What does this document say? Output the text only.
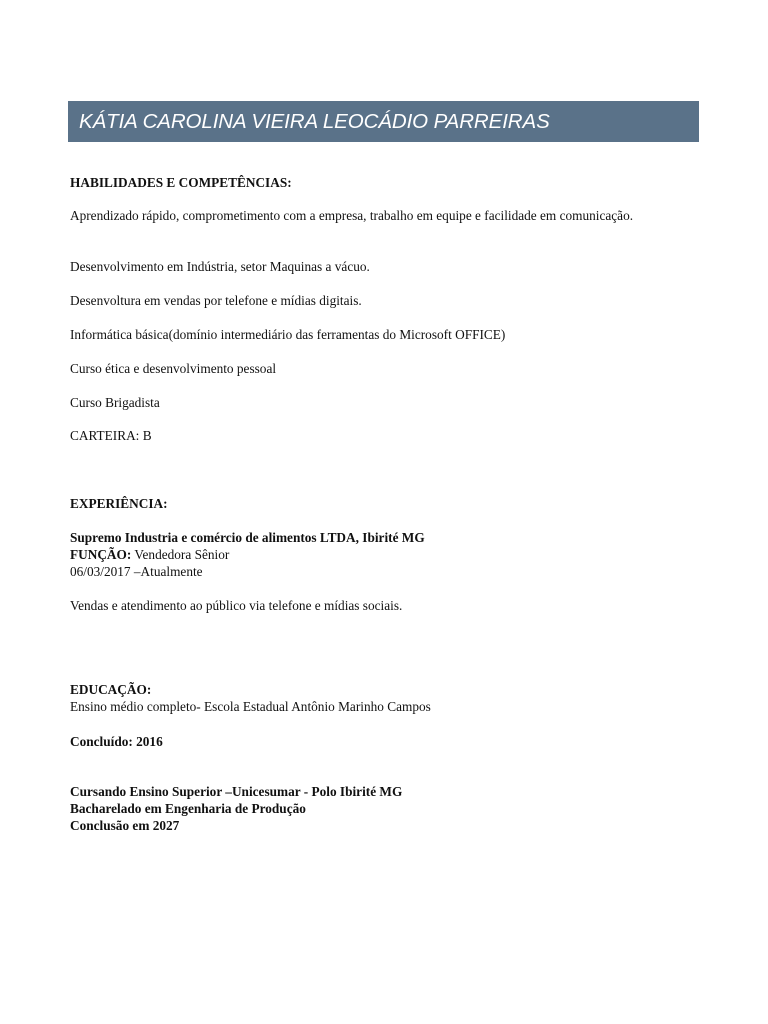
KÁTIA CAROLINA VIEIRA LEOCÁDIO PARREIRAS
HABILIDADES E COMPETÊNCIAS:
Aprendizado rápido, comprometimento com a empresa, trabalho em equipe e facilidade em comunicação.
Desenvolvimento em Indústria, setor Maquinas a vácuo.
Desenvoltura em vendas por telefone e mídias digitais.
Informática básica(domínio intermediário das ferramentas do Microsoft OFFICE)
Curso ética e desenvolvimento pessoal
Curso Brigadista
CARTEIRA: B
EXPERIÊNCIA:
Supremo Industria e comércio de alimentos LTDA, Ibirité MG
FUNÇÃO: Vendedora Sênior
06/03/2017 –Atualmente
Vendas e atendimento ao público via telefone e mídias sociais.
EDUCAÇÃO:
Ensino médio completo- Escola Estadual Antônio Marinho Campos
Concluído: 2016
Cursando Ensino Superior –Unicesumar - Polo Ibirité MG
Bacharelado em Engenharia de Produção
Conclusão em 2027
